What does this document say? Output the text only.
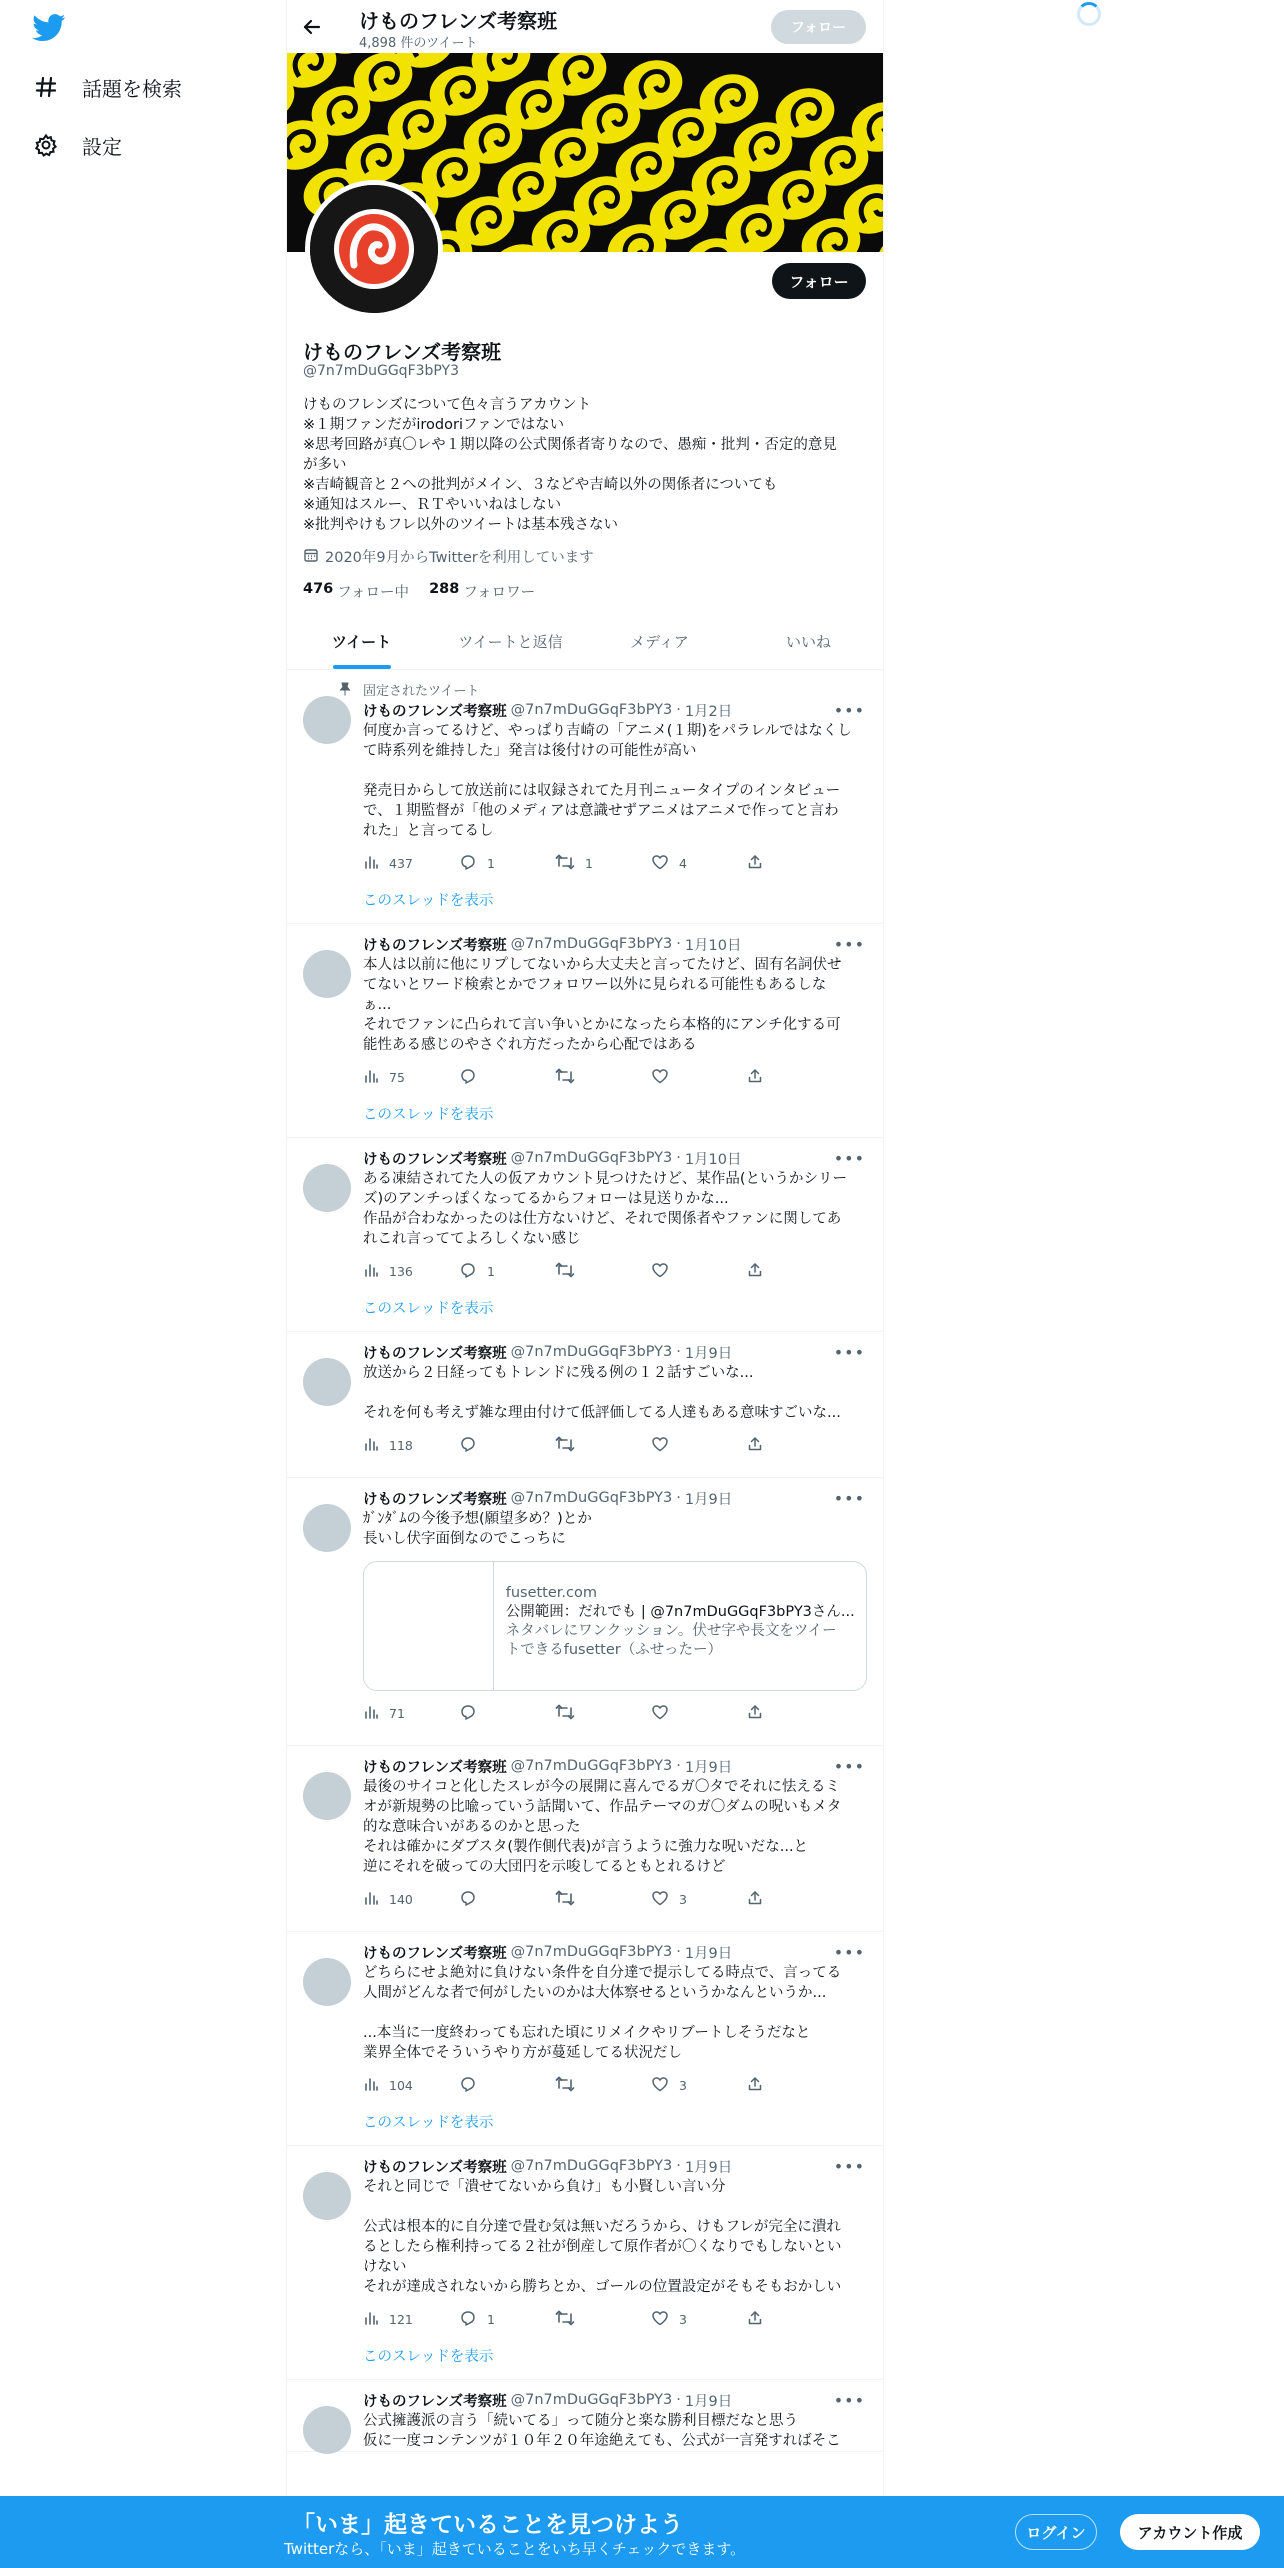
話題を検索
設定
けものフレンズ考察班
4,898 件のツイート
フォロー
フォロー
けものフレンズ考察班
@7n7mDuGGqF3bPY3
けものフレンズについて色々言うアカウント
※１期ファンだがirodoriファンではない
※思考回路が真〇レや１期以降の公式関係者寄りなので、愚痴・批判・否定的意見
が多い
※吉崎観音と２への批判がメイン、３などや吉崎以外の関係者についても
※通知はスルー、ＲＴやいいねはしない
※批判やけもフレ以外のツイートは基本残さない
2020年9月からTwitterを利用しています
476 フォロー中 288 フォロワー
ツイート	ツイートと返信	メディア	いいね
固定されたツイート
けものフレンズ考察班 @7n7mDuGGqF3bPY3 · 1月2日	•••
何度か言ってるけど、やっぱり吉崎の「アニメ(１期)をパラレルではなくし
て時系列を維持した」発言は後付けの可能性が高い
発売日からして放送前には収録されてた月刊ニュータイプのインタビュー
で、１期監督が「他のメディアは意識せずアニメはアニメで作ってと言わ
れた」と言ってるし
437	1	1	4
このスレッドを表示
けものフレンズ考察班 @7n7mDuGGqF3bPY3 · 1月10日	•••
本人は以前に他にリプしてないから大丈夫と言ってたけど、固有名詞伏せ
てないとワード検索とかでフォロワー以外に見られる可能性もあるしな
ぁ...
それでファンに凸られて言い争いとかになったら本格的にアンチ化する可
能性ある感じのやさぐれ方だったから心配ではある
75
このスレッドを表示
けものフレンズ考察班 @7n7mDuGGqF3bPY3 · 1月10日	•••
ある凍結されてた人の仮アカウント見つけたけど、某作品(というかシリー
ズ)のアンチっぽくなってるからフォローは見送りかな...
作品が合わなかったのは仕方ないけど、それで関係者やファンに関してあ
れこれ言っててよろしくない感じ
136	1
このスレッドを表示
けものフレンズ考察班 @7n7mDuGGqF3bPY3 · 1月9日	•••
放送から２日経ってもトレンドに残る例の１２話すごいな...
それを何も考えず雑な理由付けて低評価してる人達もある意味すごいな...
118
けものフレンズ考察班 @7n7mDuGGqF3bPY3 · 1月9日	•••
ｶﾞﾝﾀﾞﾑの今後予想(願望多め？)とか
長いし伏字面倒なのでこっちに
fusetter.com
公開範囲：だれでも | @7n7mDuGGqF3bPY3さん...
ネタバレにワンクッション。伏せ字や長文をツイー
トできるfusetter（ふせったー）
71
けものフレンズ考察班 @7n7mDuGGqF3bPY3 · 1月9日	•••
最後のサイコと化したスレが今の展開に喜んでるガ〇タでそれに怯えるミ
オが新規勢の比喩っていう話聞いて、作品テーマのガ〇ダムの呪いもメタ
的な意味合いがあるのかと思った
それは確かにダブスタ(製作側代表)が言うように強力な呪いだな...と
逆にそれを破っての大団円を示唆してるともとれるけど
140	3
けものフレンズ考察班 @7n7mDuGGqF3bPY3 · 1月9日	•••
どちらにせよ絶対に負けない条件を自分達で提示してる時点で、言ってる
人間がどんな者で何がしたいのかは大体察せるというかなんというか...
...本当に一度終わっても忘れた頃にリメイクやリブートしそうだなと
業界全体でそういうやり方が蔓延してる状況だし
104	3
このスレッドを表示
けものフレンズ考察班 @7n7mDuGGqF3bPY3 · 1月9日	•••
それと同じで「潰せてないから負け」も小賢しい言い分
公式は根本的に自分達で畳む気は無いだろうから、けもフレが完全に潰れ
るとしたら権利持ってる２社が倒産して原作者が〇くなりでもしないとい
けない
それが達成されないから勝ちとか、ゴールの位置設定がそもそもおかしい
121	1	3
このスレッドを表示
けものフレンズ考察班 @7n7mDuGGqF3bPY3 · 1月9日	•••
公式擁護派の言う「続いてる」って随分と楽な勝利目標だなと思う
仮に一度コンテンツが１０年２０年途絶えても、公式が一言発すればそこ
「いま」起きていることを見つけよう
Twitterなら、「いま」起きていることをいち早くチェックできます。
ログイン	アカウント作成
